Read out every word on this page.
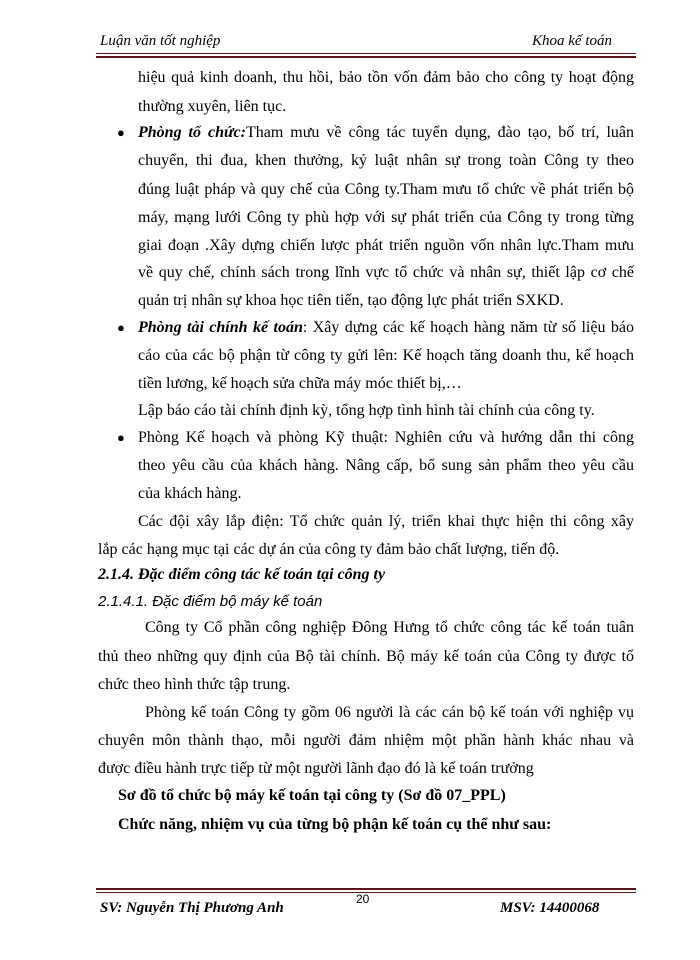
Luận văn tốt nghiệp	Khoa kế toán
hiệu quả kinh doanh, thu hồi, bảo tồn vốn đảm bảo cho công ty hoạt động
thường xuyên, liên tục.
● Phòng tổ chức:Tham mưu về công tác tuyển dụng, đào tạo, bố trí, luân
chuyển, thi đua, khen thưởng, kỷ luật nhân sự trong toàn Công ty theo
đúng luật pháp và quy chế của Công ty.Tham mưu tổ chức về phát triển bộ
máy, mạng lưới Công ty phù hợp với sự phát triển của Công ty trong từng
giai đoạn .Xây dựng chiến lược phát triển nguồn vốn nhân lực.Tham mưu
về quy chế, chính sách trong lĩnh vực tổ chức và nhân sự, thiết lập cơ chế
quản trị nhân sự khoa học tiên tiến, tạo động lực phát triển SXKD.
● Phòng tài chính kế toán: Xây dựng các kế hoạch hàng năm từ số liệu báo
cáo của các bộ phận từ công ty gửi lên: Kế hoạch tăng doanh thu, kế hoạch
tiền lương, kế hoạch sửa chữa máy móc thiết bị,…
Lập báo cáo tài chính định kỳ, tổng hợp tình hình tài chính của công ty.
● Phòng Kế hoạch và phòng Kỹ thuật: Nghiên cứu và hướng dẫn thi công
theo yêu cầu của khách hàng. Nâng cấp, bổ sung sản phẩm theo yêu cầu
của khách hàng.
Các đội xây lắp điện: Tổ chức quản lý, triển khai thực hiện thi công xây
lắp các hạng mục tại các dự án của công ty đảm bảo chất lượng, tiến độ.
2.1.4. Đặc điểm công tác kế toán tại công ty
2.1.4.1. Đặc điểm bộ máy kế toán
Công ty Cổ phần công nghiệp Đông Hưng tổ chức công tác kế toán tuân
thủ theo những quy định của Bộ tài chính. Bộ máy kế toán của Công ty được tổ
chức theo hình thức tập trung.
Phòng kế toán Công ty gồm 06 người là các cán bộ kế toán với nghiệp vụ
chuyên môn thành thạo, mỗi người đảm nhiệm một phần hành khác nhau và
được điều hành trực tiếp từ một người lãnh đạo đó là kế toán trưởng
Sơ đồ tổ chức bộ máy kế toán tại công ty (Sơ đồ 07_PPL)
Chức năng, nhiệm vụ của từng bộ phận kế toán cụ thể như sau:
20
SV: Nguyễn Thị Phương Anh	MSV: 14400068
